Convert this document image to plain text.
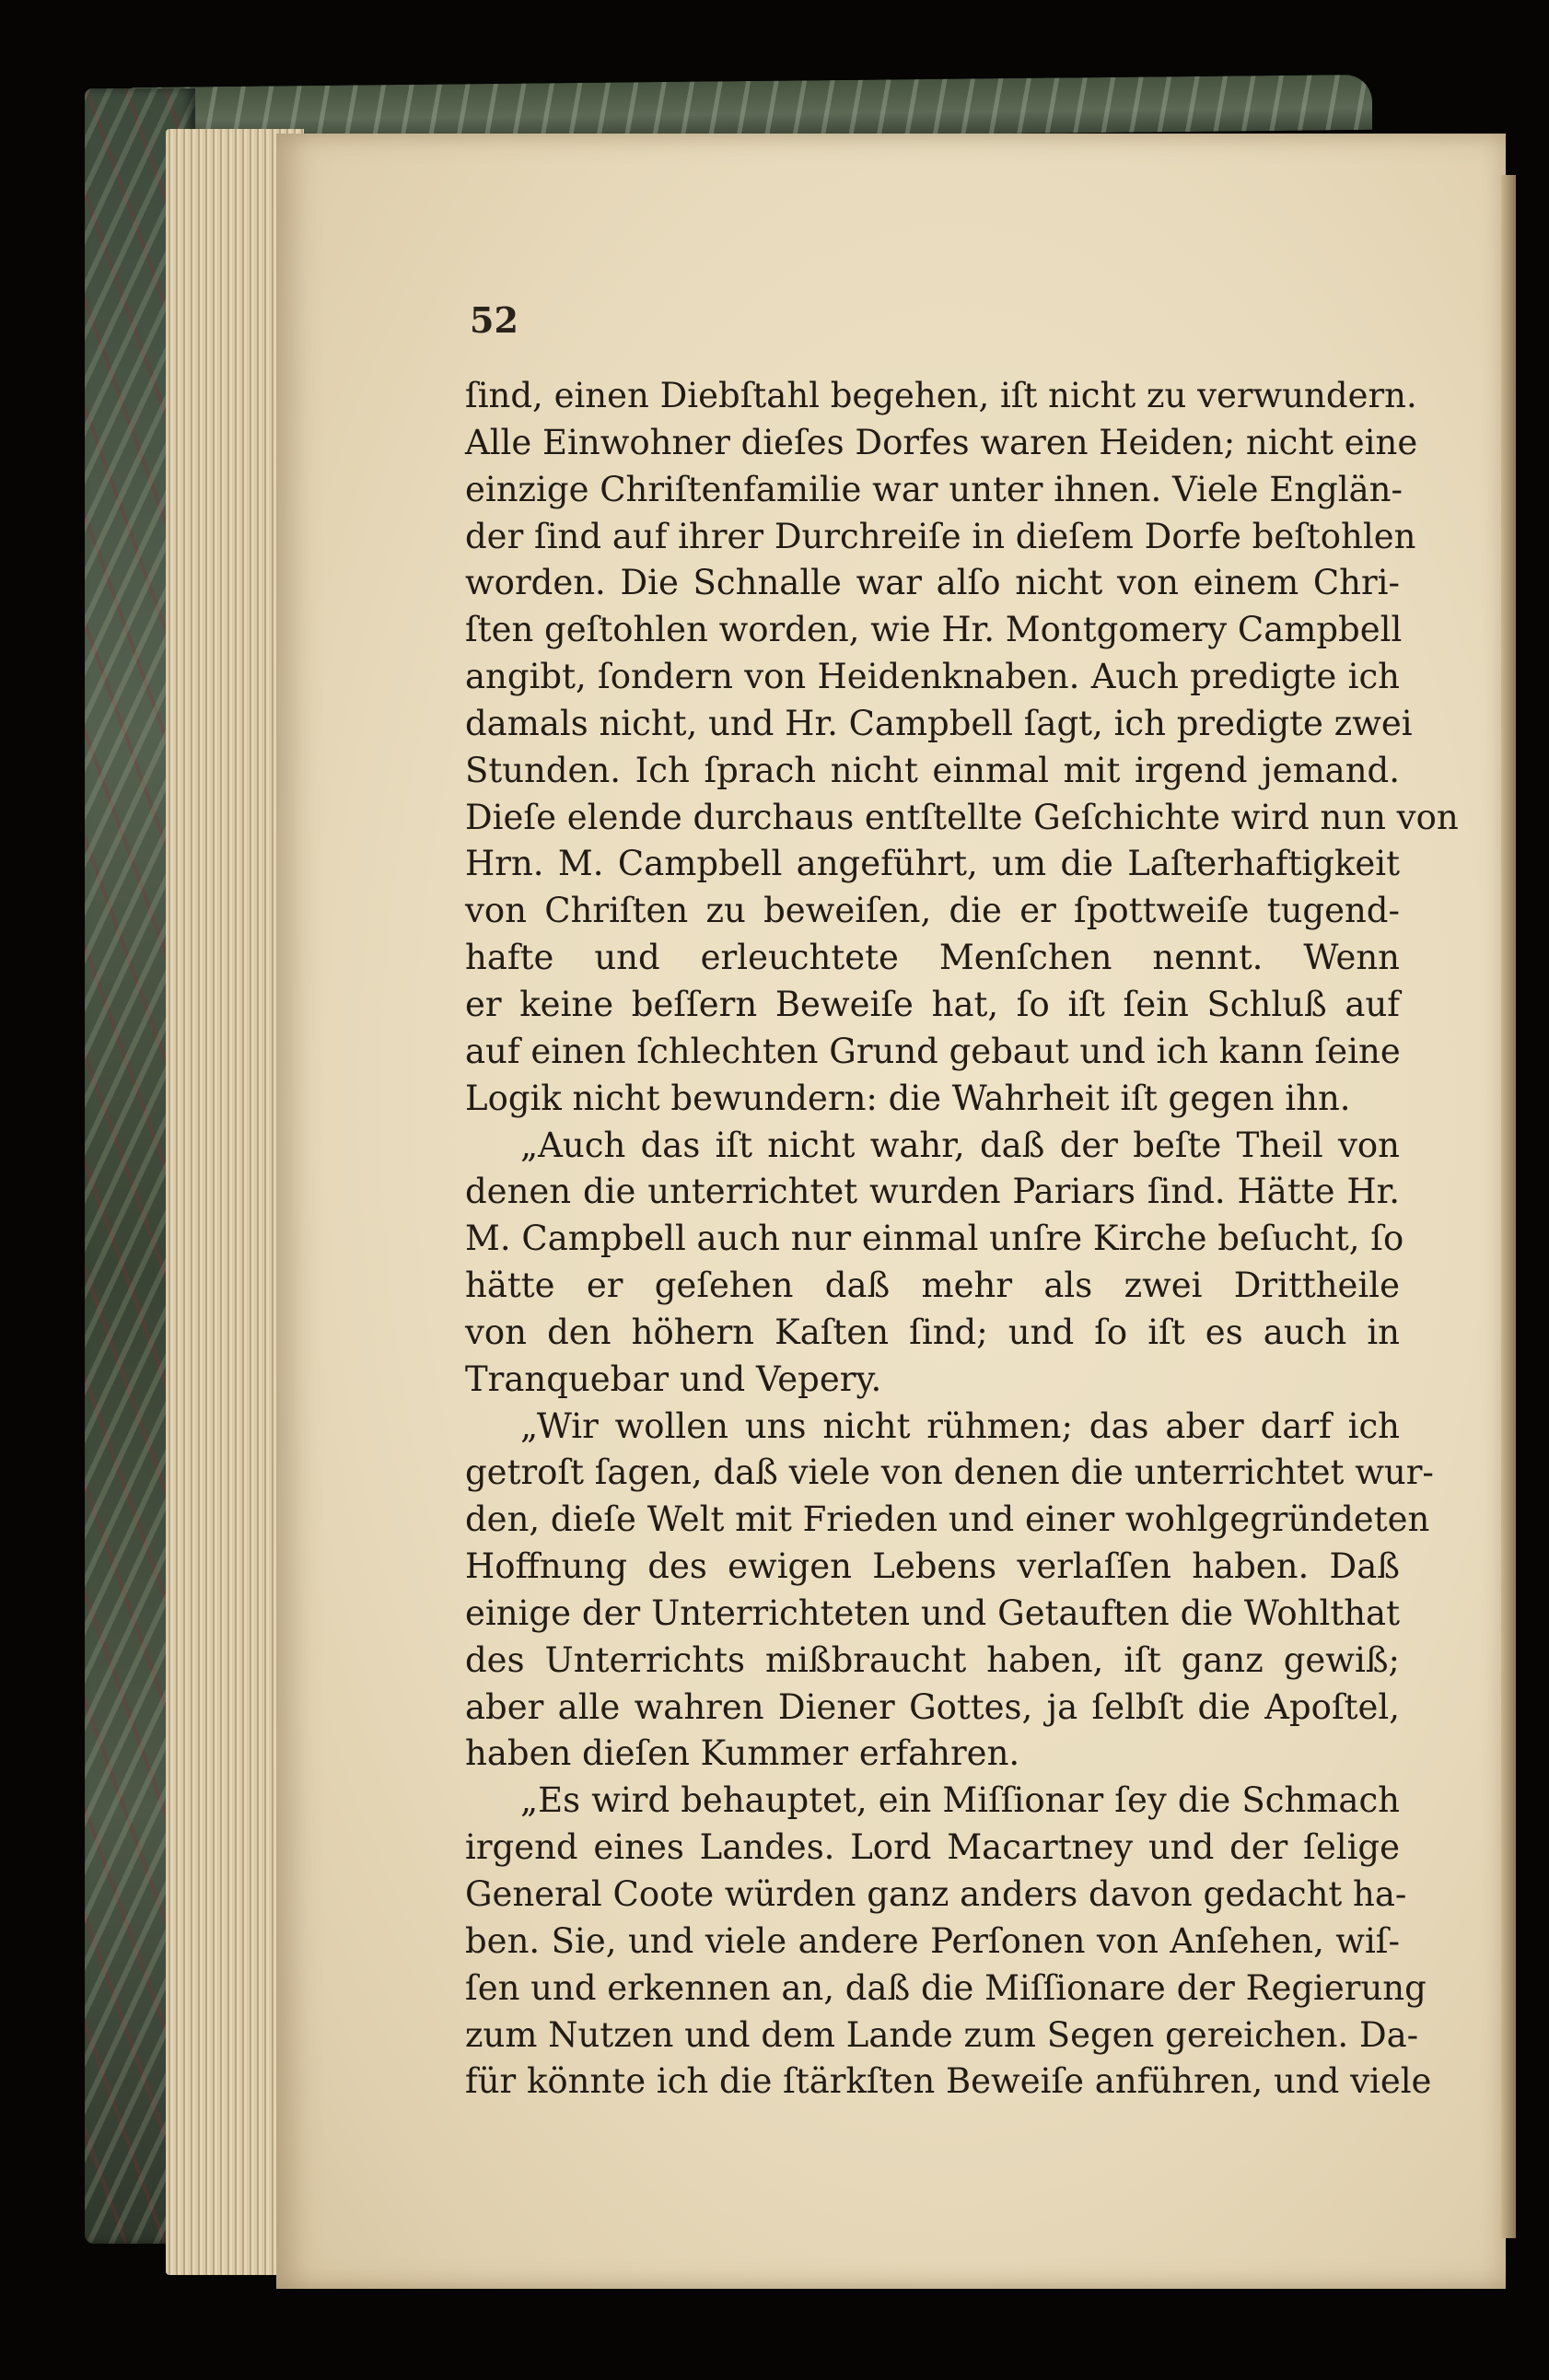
52
ſind, einen Diebſtahl begehen, iſt nicht zu verwundern.
Alle Einwohner dieſes Dorfes waren Heiden; nicht eine
einzige Chriſtenfamilie war unter ihnen. Viele Englän-
der ſind auf ihrer Durchreiſe in dieſem Dorfe beſtohlen
worden. Die Schnalle war alſo nicht von einem Chri-
ſten geſtohlen worden, wie Hr. Montgomery Campbell
angibt, ſondern von Heidenknaben. Auch predigte ich
damals nicht, und Hr. Campbell ſagt, ich predigte zwei
Stunden. Ich ſprach nicht einmal mit irgend jemand.
Dieſe elende durchaus entſtellte Geſchichte wird nun von
Hrn. M. Campbell angeführt, um die Laſterhaftigkeit
von Chriſten zu beweiſen, die er ſpottweiſe tugend-
hafte und erleuchtete Menſchen nennt. Wenn
er keine beſſern Beweiſe hat, ſo iſt ſein Schluß auf
auf einen ſchlechten Grund gebaut und ich kann ſeine
Logik nicht bewundern: die Wahrheit iſt gegen ihn.
„Auch das iſt nicht wahr, daß der beſte Theil von
denen die unterrichtet wurden Pariars ſind. Hätte Hr.
M. Campbell auch nur einmal unſre Kirche beſucht, ſo
hätte er geſehen daß mehr als zwei Drittheile
von den höhern Kaſten ſind; und ſo iſt es auch in
Tranquebar und Vepery.
„Wir wollen uns nicht rühmen; das aber darf ich
getroſt ſagen, daß viele von denen die unterrichtet wur-
den, dieſe Welt mit Frieden und einer wohlgegründeten
Hoffnung des ewigen Lebens verlaſſen haben. Daß
einige der Unterrichteten und Getauften die Wohlthat
des Unterrichts mißbraucht haben, iſt ganz gewiß;
aber alle wahren Diener Gottes, ja ſelbſt die Apoſtel,
haben dieſen Kummer erfahren.
„Es wird behauptet, ein Miſſionar ſey die Schmach
irgend eines Landes. Lord Macartney und der ſelige
General Coote würden ganz anders davon gedacht ha-
ben. Sie, und viele andere Perſonen von Anſehen, wiſ-
ſen und erkennen an, daß die Miſſionare der Regierung
zum Nutzen und dem Lande zum Segen gereichen. Da-
für könnte ich die ſtärkſten Beweiſe anführen, und viele
